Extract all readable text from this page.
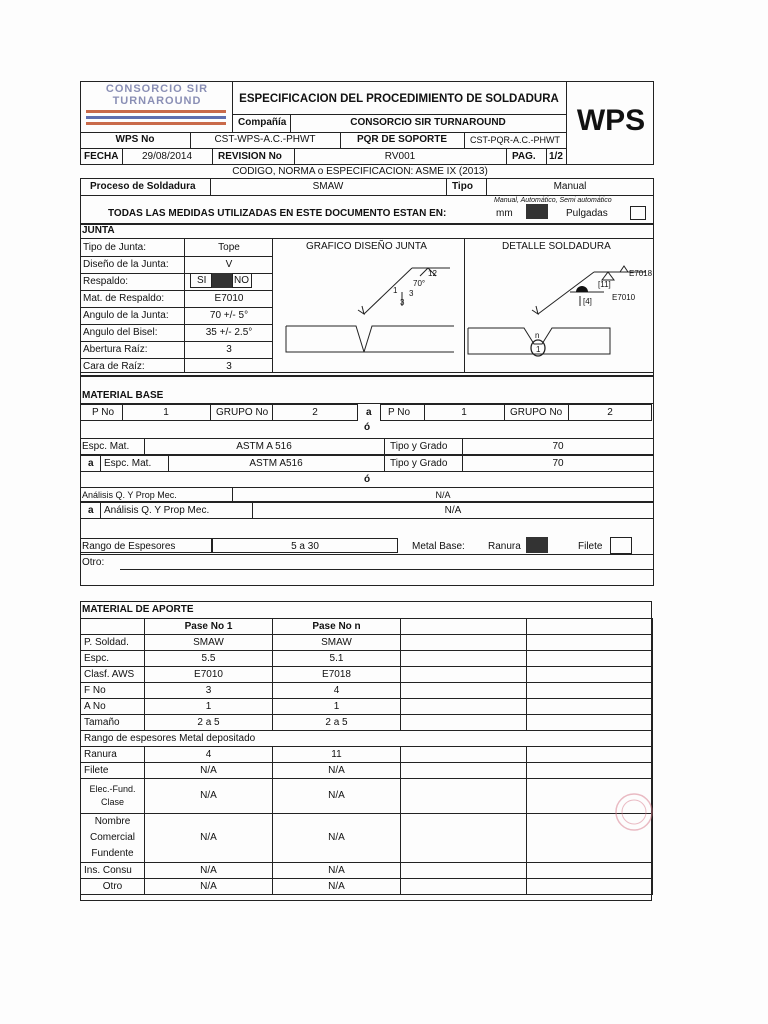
CONSORCIO SIR TURNAROUND	ESPECIFICACION DEL PROCEDIMIENTO DE SOLDADURA
Compañía	CONSORCIO SIR TURNAROUND	WPS
WPS No	CST-WPS-A.C.-PHWT	PQR DE SOPORTE	CST-PQR-A.C.-PHWT
FECHA	29/08/2014	REVISION No	RV001	PAG. 1/2
CODIGO, NORMA o ESPECIFICACION: ASME IX (2013)
Proceso de Soldadura	SMAW	Tipo	Manual
Manual, Automático, Semi automático
TODAS LAS MEDIDAS UTILIZADAS EN ESTE DOCUMENTO ESTAN EN:	mm	Pulgadas
JUNTA
Tipo de Junta:	Tope
Diseño de la Junta:	V
Respaldo:
Mat. de Respaldo:	E7010
Angulo de la Junta:	70 +/- 5°
Angulo del Bisel:	35 +/- 2.5°
Abertura Raíz:	3
Cara de Raíz:	3
GRAFICO DISEÑO JUNTA	DETALLE SOLDADURA
SI	NO
12
70°
1 3
3
E7018
[11]
[4]	E7010
n
1
MATERIAL BASE
P No	1	GRUPO No	2	a P No	1	GRUPO No	2
ó
Espc. Mat.	ASTM A 516	Tipo y Grado	70
a Espc. Mat.	ASTM A516	Tipo y Grado	70
ó
Análisis Q. Y Prop Mec.	N/A
a Análisis Q. Y Prop Mec.	N/A
Rango de Espesores	5 a 30	Metal Base: Ranura	Filete
Otro:
MATERIAL DE APORTE
	Pase No 1	Pase No n		
P. Soldad.	SMAW	SMAW		
Espc.	5.5	5.1		
Clasf. AWS	E7010	E7018		
F No	3	4		
A No	1	1		
Tamaño	2 a 5	2 a 5		
Rango de espesores Metal depositado				
Ranura	4	11		
Filete	N/A	N/A		
Elec.-Fund.
Clase	N/A	N/A		
Nombre
Comercial
Fundente	N/A	N/A		
Ins. Consu	N/A	N/A		
Otro	N/A	N/A		
